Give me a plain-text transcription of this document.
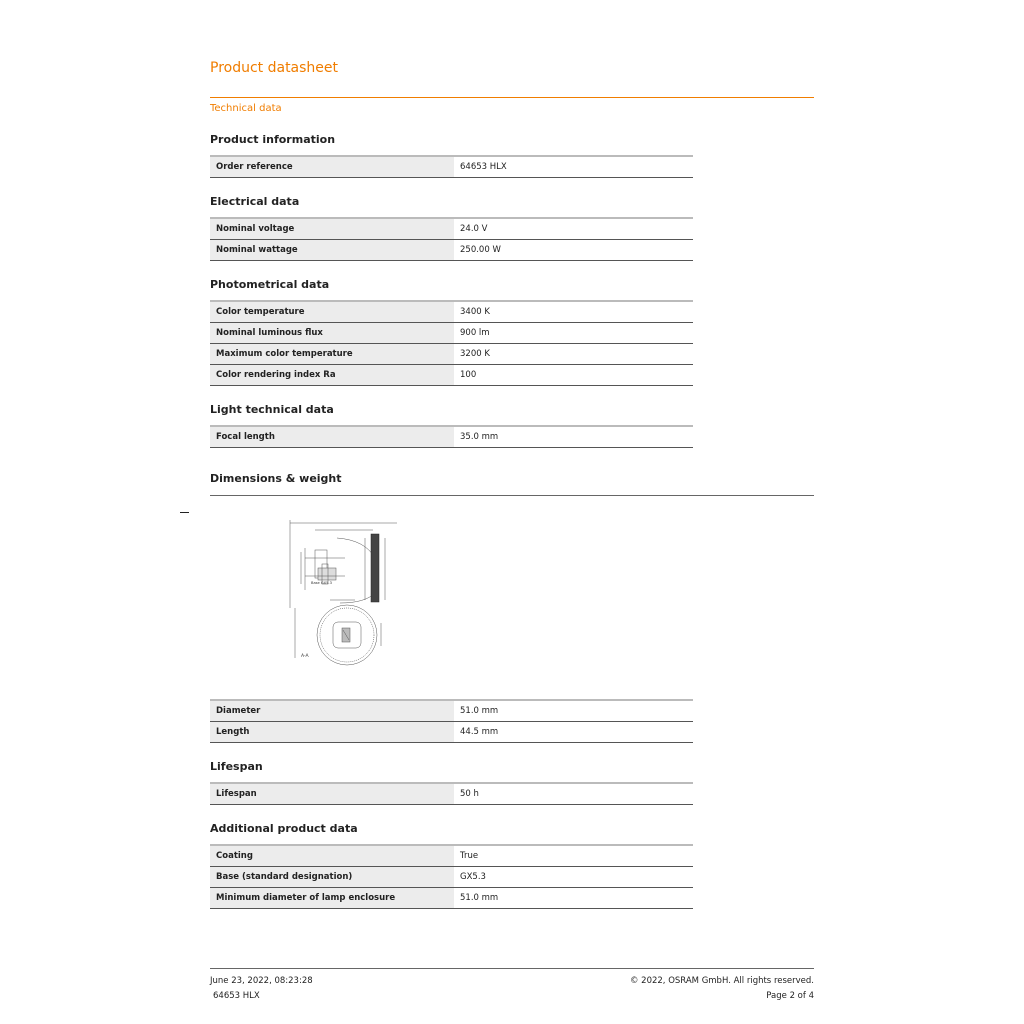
Product datasheet
Technical data
Product information
Order reference	64653 HLX
Electrical data
Nominal voltage	24.0 V
Nominal wattage	250.00 W
Photometrical data
Color temperature	3400 K
Nominal luminous flux	900 lm
Maximum color temperature	3200 K
Color rendering index Ra	100
Light technical data
Focal length	35.0 mm
Dimensions & weight
Base GX5.3
A-A
Diameter	51.0 mm
Length	44.5 mm
Lifespan
Lifespan	50 h
Additional product data
Coating	True
Base (standard designation)	GX5.3
Minimum diameter of lamp enclosure	51.0 mm
June 23, 2022, 08:23:28
64653 HLX
© 2022, OSRAM GmbH. All rights reserved.
Page 2 of 4
